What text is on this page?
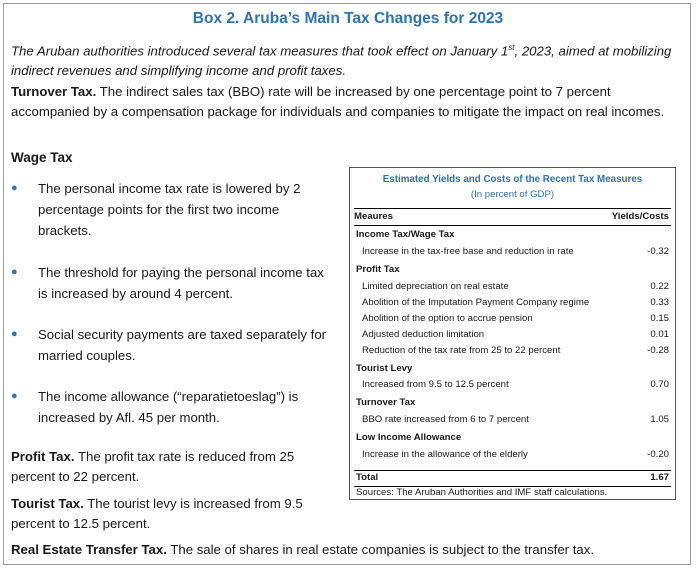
Box 2. Aruba’s Main Tax Changes for 2023
The Aruban authorities introduced several tax measures that took effect on January 1st, 2023, aimed at mobilizing indirect revenues and simplifying income and profit taxes.
Turnover Tax. The indirect sales tax (BBO) rate will be increased by one percentage point to 7 percent accompanied by a compensation package for individuals and companies to mitigate the impact on real incomes.
Wage Tax
● The personal income tax rate is lowered by 2 percentage points for the first two income brackets.
● The threshold for paying the personal income tax is increased by around 4 percent.
● Social security payments are taxed separately for married couples.
● The income allowance (“reparatietoeslag”) is increased by Afl. 45 per month.
Profit Tax. The profit tax rate is reduced from 25 percent to 22 percent.
Tourist Tax. The tourist levy is increased from 9.5 percent to 12.5 percent.
Real Estate Transfer Tax. The sale of shares in real estate companies is subject to the transfer tax.
Estimated Yields and Costs of the Recent Tax Measures
(In percent of GDP)
Meaures	Yields/Costs
Income Tax/Wage Tax
Increase in the tax-free base and reduction in rate	-0.32
Profit Tax
Limited depreciation on real estate	0.22
Abolition of the Imputation Payment Company regime	0.33
Abolition of the option to accrue pension	0.15
Adjusted deduction limitation	0.01
Reduction of the tax rate from 25 to 22 percent	-0.28
Tourist Levy
Increased from 9.5 to 12.5 percent	0.70
Turnover Tax
BBO rate increased from 6 to 7 percent	1.05
Low Income Allowance
Increase in the allowance of the elderly	-0.20
Total	1.67
Sources: The Aruban Authorities and IMF staff calculations.
